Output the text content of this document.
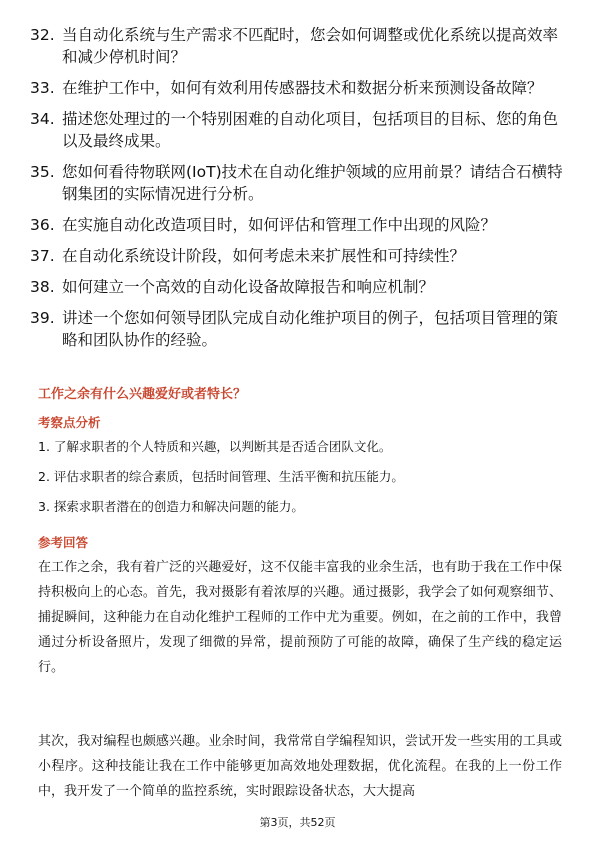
32. 当自动化系统与生产需求不匹配时，您会如何调整或优化系统以提高效率和减少停机时间？
33. 在维护工作中，如何有效利用传感器技术和数据分析来预测设备故障？
34. 描述您处理过的一个特别困难的自动化项目，包括项目的目标、您的角色以及最终成果。
35. 您如何看待物联网(IoT)技术在自动化维护领域的应用前景？请结合石横特钢集团的实际情况进行分析。
36. 在实施自动化改造项目时，如何评估和管理工作中出现的风险？
37. 在自动化系统设计阶段，如何考虑未来扩展性和可持续性？
38. 如何建立一个高效的自动化设备故障报告和响应机制？
39. 讲述一个您如何领导团队完成自动化维护项目的例子，包括项目管理的策略和团队协作的经验。
工作之余有什么兴趣爱好或者特长？
考察点分析
1. 了解求职者的个人特质和兴趣，以判断其是否适合团队文化。
2. 评估求职者的综合素质，包括时间管理、生活平衡和抗压能力。
3. 探索求职者潜在的创造力和解决问题的能力。
参考回答
在工作之余，我有着广泛的兴趣爱好，这不仅能丰富我的业余生活，也有助于我在工作中保持积极向上的心态。首先，我对摄影有着浓厚的兴趣。通过摄影，我学会了如何观察细节、捕捉瞬间，这种能力在自动化维护工程师的工作中尤为重要。例如，在之前的工作中，我曾通过分析设备照片，发现了细微的异常，提前预防了可能的故障，确保了生产线的稳定运行。
其次，我对编程也颇感兴趣。业余时间，我常常自学编程知识，尝试开发一些实用的工具或小程序。这种技能让我在工作中能够更加高效地处理数据，优化流程。在我的上一份工作中，我开发了一个简单的监控系统，实时跟踪设备状态，大大提高
第3页，共52页
